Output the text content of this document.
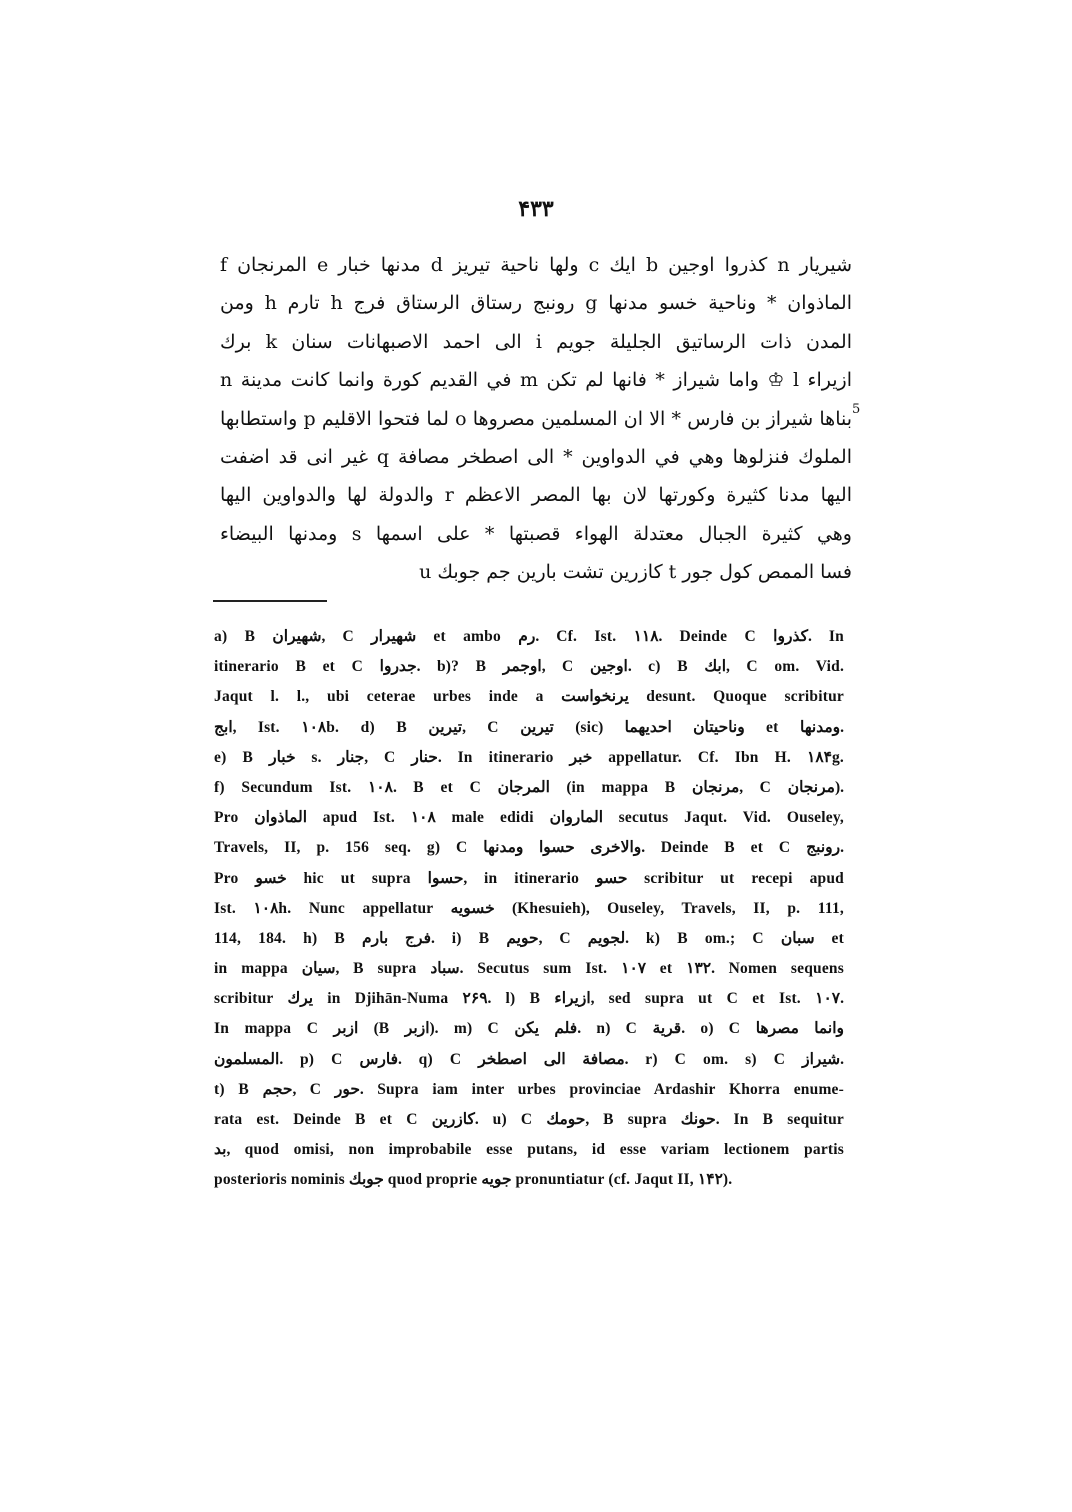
۴۳۳
شيريار n كذروا اوجين b ايك c ولها ناحية تيريز d مدنها خبار e المرنجان f
الماذوان * وناحية خسو مدنها g رونبج رستاق الرستاق فرج h تارم h ومن
المدن ذات الرساتيق الجليلة جويم i الى احمد الاصبهانات سنان k برك
ازيراء l ♔ واما شيراز * فانها لم تكن m في القديم كورة وانما كانت مدينة n
بناها شيراز بن فارس * الا ان المسلمين مصروها o لما فتحوا الاقليم p واستطابها
الملوك فنزلوها وهي في الدواوين * الى اصطخر مصافة q غير انى قد اضفت
اليها مدنا كثيرة وكورتها لان بها المصر الاعظم r والدولة لها والدواوين اليها
وهي كثيرة الجبال معتدلة الهواء قصبتها * على اسمها s ومدنها البيضاء
فسا الممص كول جور t كازرين تشت بارين جم جوبك u
5
a) B شهيران, C شهيرار et ambo رم. Cf. Ist. ۱۱۸. Deinde C كذروا. In
itinerario B et C جدروا. b)? B اوجمر, C اوجين. c) B ابك, C om. Vid.
Jaqut l. l., ubi ceterae urbes inde a يرنخواست desunt. Quoque scribitur
ابج, Ist. ۱۰۸b. d) B تيرين, C تيرين (sic) وناحيتان احديهما et ومدنها.
e) B خبار s. جنار, C حنار. In itinerario خبر appellatur. Cf. Ibn H. ۱۸۴g.
f) Secundum Ist. ۱۰۸. B et C المرجان (in mappa B مرنجان, C مرنجان).
Pro الماذوان apud Ist. ۱۰۸ male edidi الماروان secutus Jaqut. Vid. Ouseley,
Travels, II, p. 156 seq. g) C والاخرى حسوا ومدنها. Deinde B et C رونبج.
Pro خسو hic ut supra حسوا, in itinerario حسو scribitur ut recepi apud
Ist. ۱۰۸h. Nunc appellatur خسويه (Khesuieh), Ouseley, Travels, II, p. 111,
114, 184. h) B فرج بارم. i) B حويم, C لجويم. k) B om.; C سبان et
in mappa سيان, B supra سباد. Secutus sum Ist. ۱۰۷ et ۱۳۲. Nomen sequens
scribitur يرك in Djihān-Numa ۲۶۹. l) B ازيراء, sed supra ut C et Ist. ۱۰۷.
In mappa C ازبر (B ازبر). m) C فلم يكن. n) C قرية. o) C وانما مصرها
المسلمون. p) C فارس. q) C مصافة الى اصطخر. r) C om. s) C شيراز.
t) B حجم, C حور. Supra iam inter urbes provinciae Ardashir Khorra enume-
rata est. Deinde B et C كازرين. u) C حومك, B supra حونك. In B sequitur
بد, quod omisi, non improbabile esse putans, id esse variam lectionem partis
posterioris nominis جوبك quod proprie جويه pronuntiatur (cf. Jaqut II, ۱۴۲).
